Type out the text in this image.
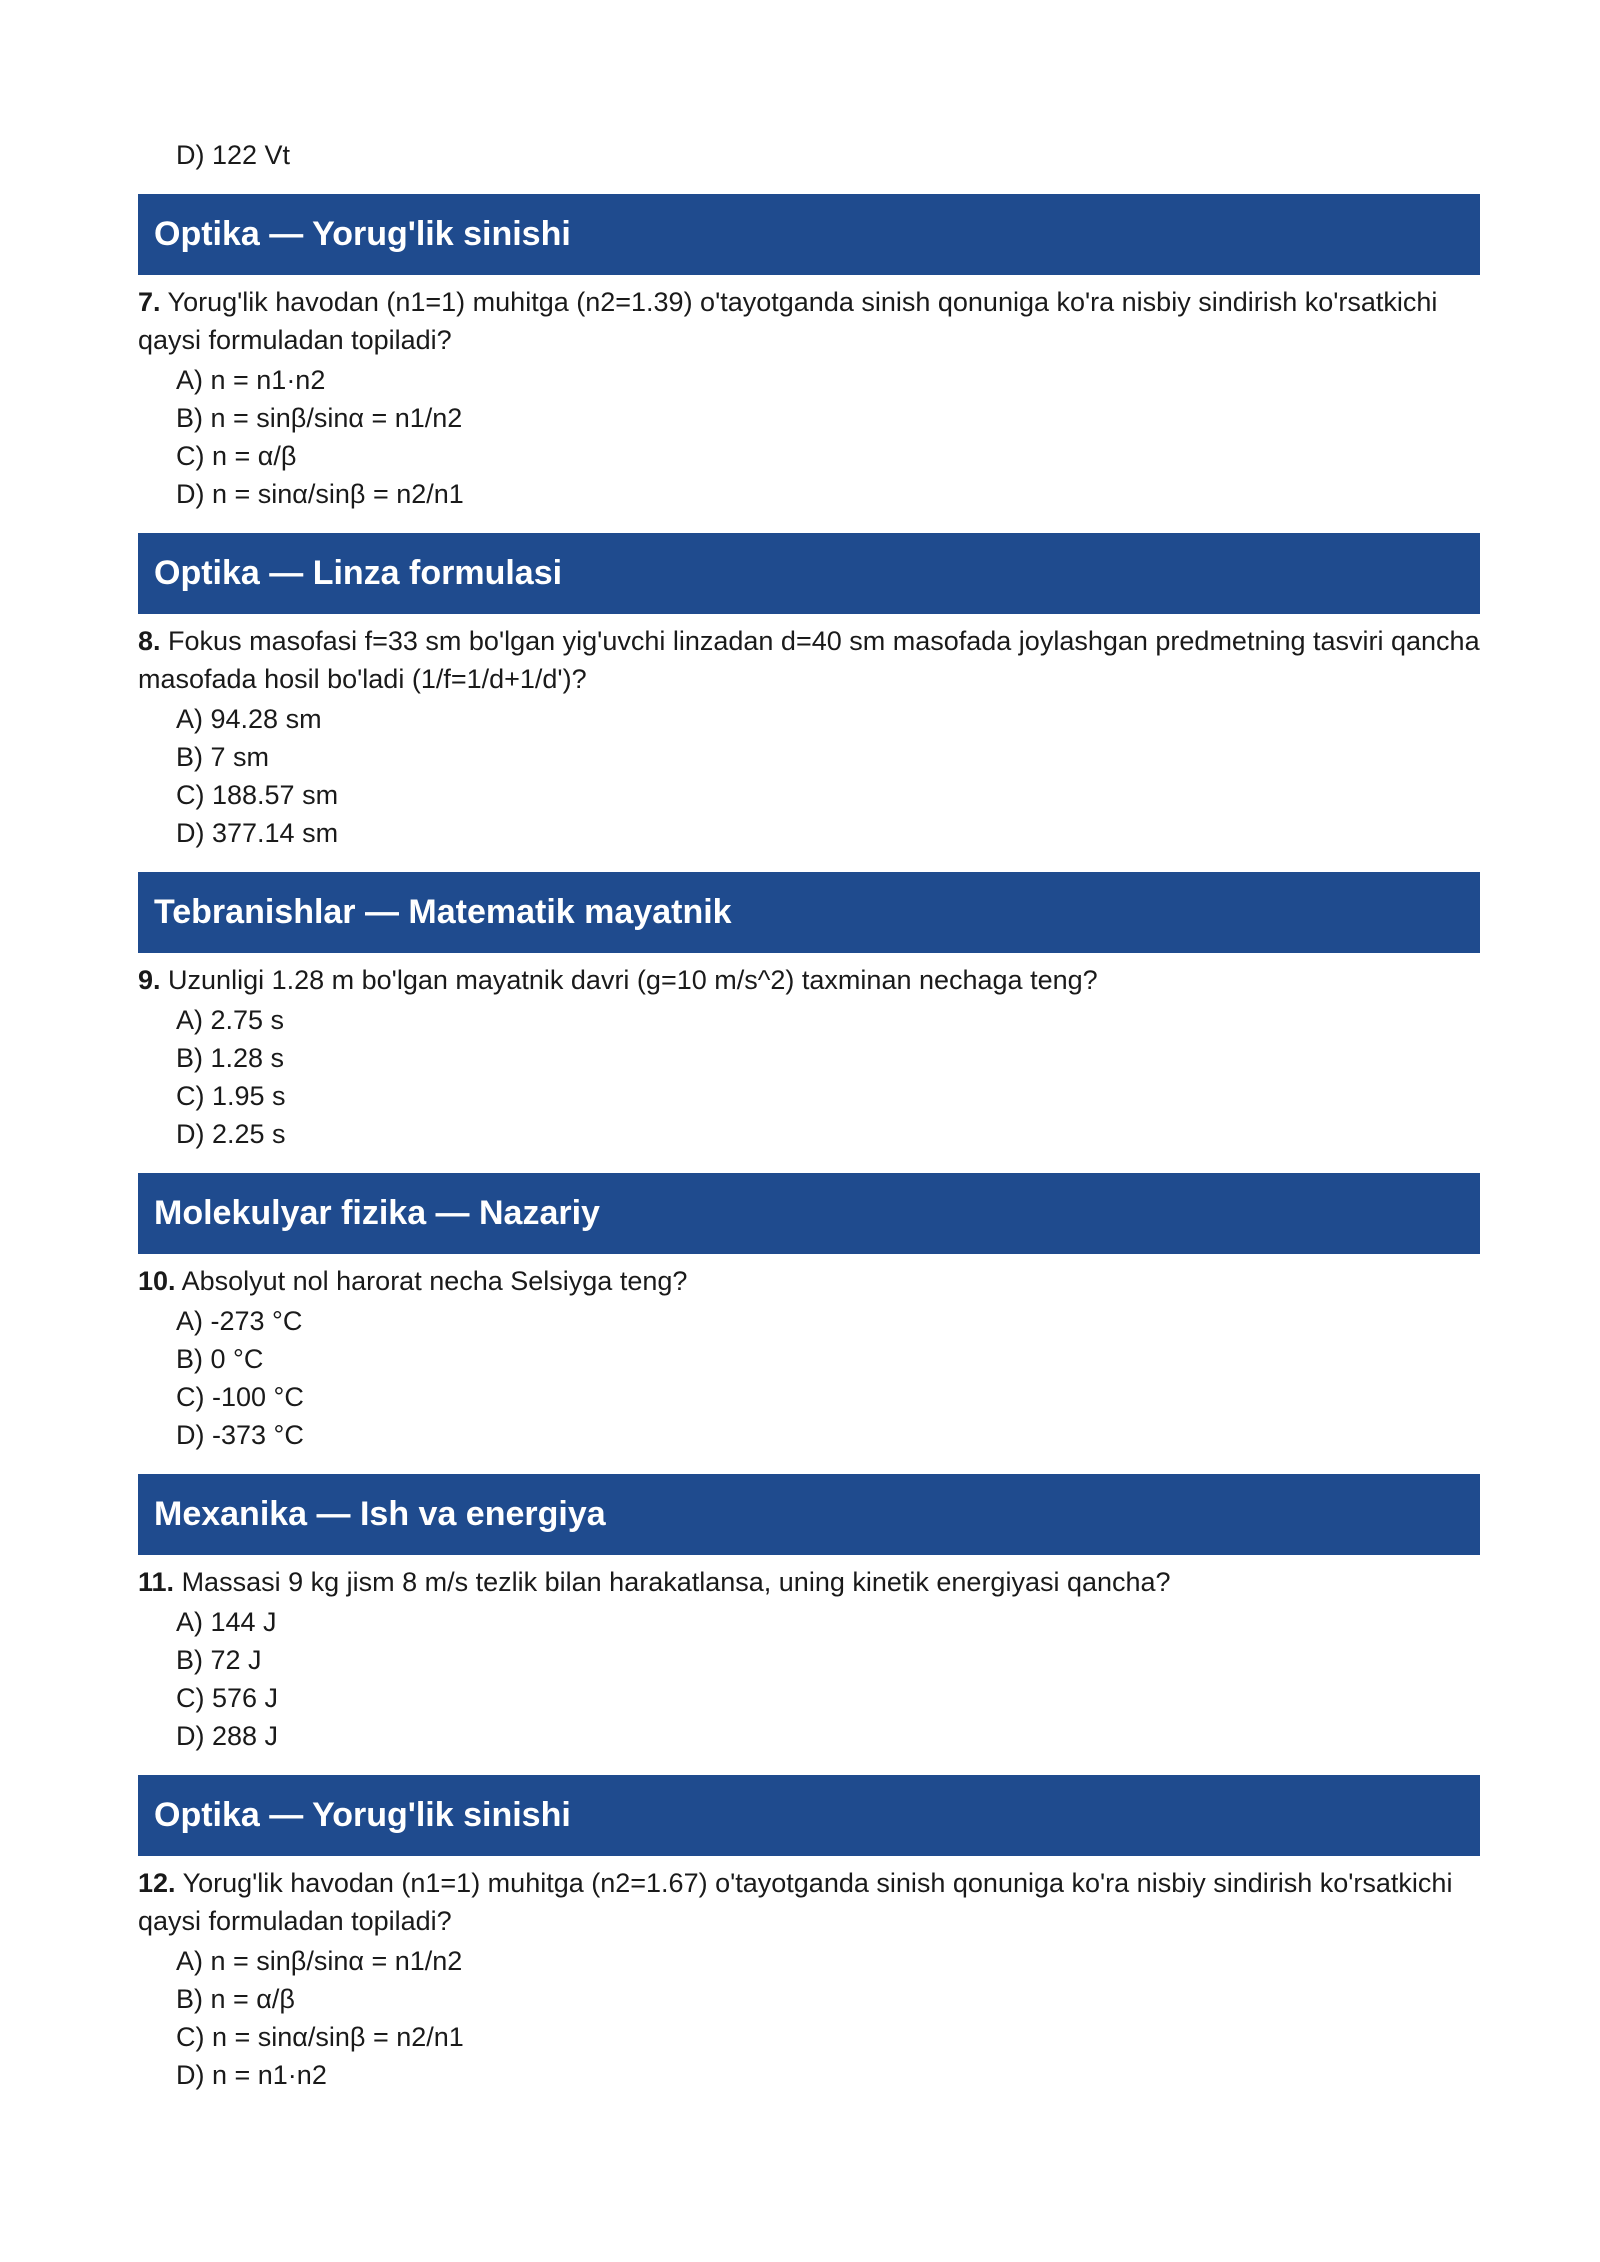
D) 122 Vt
Optika — Yorug'lik sinishi

7. Yorug'lik havodan (n1=1) muhitga (n2=1.39) o'tayotganda sinish qonuniga ko'ra nisbiy sindirish ko'rsatkichi qaysi formuladan topiladi?

A) n = n1·n2
B) n = sinβ/sinα = n1/n2
C) n = α/β
D) n = sinα/sinβ = n2/n1
Optika — Linza formulasi

8. Fokus masofasi f=33 sm bo'lgan yig'uvchi linzadan d=40 sm masofada joylashgan predmetning tasviri qancha masofada hosil bo'ladi (1/f=1/d+1/d')?

A) 94.28 sm
B) 7 sm
C) 188.57 sm
D) 377.14 sm
Tebranishlar — Matematik mayatnik

9. Uzunligi 1.28 m bo'lgan mayatnik davri (g=10 m/s^2) taxminan nechaga teng?

A) 2.75 s
B) 1.28 s
C) 1.95 s
D) 2.25 s
Molekulyar fizika — Nazariy

10. Absolyut nol harorat necha Selsiyga teng?

A) -273 °C
B) 0 °C
C) -100 °C
D) -373 °C
Mexanika — Ish va energiya

11. Massasi 9 kg jism 8 m/s tezlik bilan harakatlansa, uning kinetik energiyasi qancha?

A) 144 J
B) 72 J
C) 576 J
D) 288 J
Optika — Yorug'lik sinishi

12. Yorug'lik havodan (n1=1) muhitga (n2=1.67) o'tayotganda sinish qonuniga ko'ra nisbiy sindirish ko'rsatkichi qaysi formuladan topiladi?

A) n = sinβ/sinα = n1/n2
B) n = α/β
C) n = sinα/sinβ = n2/n1
D) n = n1·n2
